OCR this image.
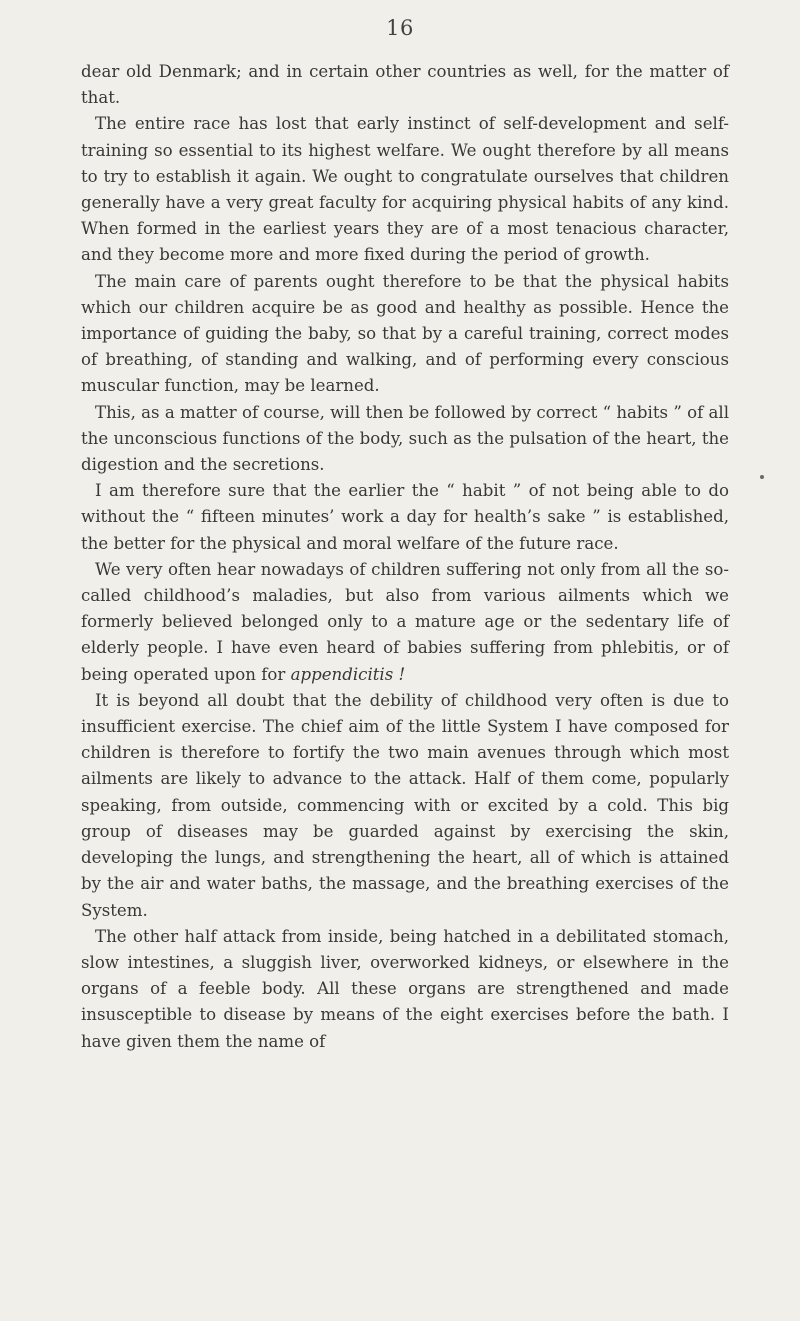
16

dear old Denmark; and in certain other countries as well, for the matter of that.

The entire race has lost that early instinct of self-development and self-training so essential to its highest welfare. We ought therefore by all means to try to establish it again. We ought to congratulate ourselves that children generally have a very great faculty for acquiring physical habits of any kind. When formed in the earliest years they are of a most tenacious character, and they become more and more fixed during the period of growth.

The main care of parents ought therefore to be that the physical habits which our children acquire be as good and healthy as possible. Hence the importance of guiding the baby, so that by a careful training, correct modes of breathing, of standing and walking, and of performing every conscious muscular function, may be learned.

This, as a matter of course, will then be followed by correct “ habits ” of all the unconscious functions of the body, such as the pulsation of the heart, the digestion and the secretions.

I am therefore sure that the earlier the “ habit ” of not being able to do without the “ fifteen minutes’ work a day for health’s sake ” is established, the better for the physical and moral welfare of the future race.

We very often hear nowadays of children suffering not only from all the so-called childhood’s maladies, but also from various ailments which we formerly believed belonged only to a mature age or the sedentary life of elderly people. I have even heard of babies suffering from phlebitis, or of being operated upon for appendicitis !

It is beyond all doubt that the debility of childhood very often is due to insufficient exercise. The chief aim of the little System I have composed for children is therefore to fortify the two main avenues through which most ailments are likely to advance to the attack. Half of them come, popularly speaking, from outside, commencing with or excited by a cold. This big group of diseases may be guarded against by exercising the skin, developing the lungs, and strengthening the heart, all of which is attained by the air and water baths, the massage, and the breathing exercises of the System.

The other half attack from inside, being hatched in a debilitated stomach, slow intestines, a sluggish liver, overworked kidneys, or elsewhere in the organs of a feeble body. All these organs are strengthened and made insusceptible to disease by means of the eight exercises before the bath. I have given them the name of
